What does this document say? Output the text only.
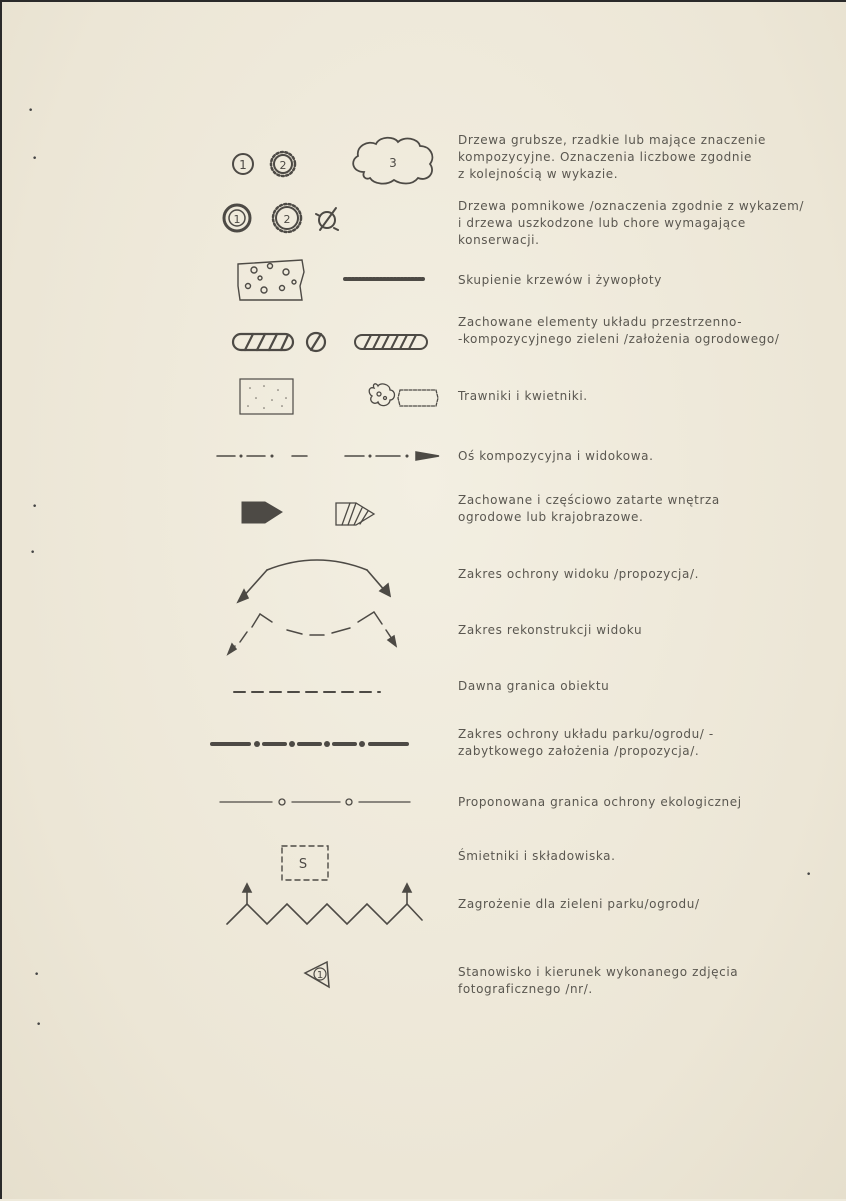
1	2	3
1	2
S
1
Drzewa grubsze, rzadkie lub mające znaczenie
kompozycyjne. Oznaczenia liczbowe zgodnie
z kolejnością w wykazie.
Drzewa pomnikowe /oznaczenia zgodnie z wykazem/
i drzewa uszkodzone lub chore wymagające
konserwacji.
Skupienie krzewów i żywopłoty
Zachowane elementy układu przestrzenno-
-kompozycyjnego zieleni /założenia ogrodowego/
Trawniki i kwietniki.
Oś kompozycyjna i widokowa.
Zachowane i częściowo zatarte wnętrza
ogrodowe lub krajobrazowe.
Zakres ochrony widoku /propozycja/.
Zakres rekonstrukcji widoku
Dawna granica obiektu
Zakres ochrony układu parku/ogrodu/ -
zabytkowego założenia /propozycja/.
Proponowana granica ochrony ekologicznej
Śmietniki i składowiska.
Zagrożenie dla zieleni parku/ogrodu/
Stanowisko i kierunek wykonanego zdjęcia
fotograficznego /nr/.
•
•
•
•
•
•
•
